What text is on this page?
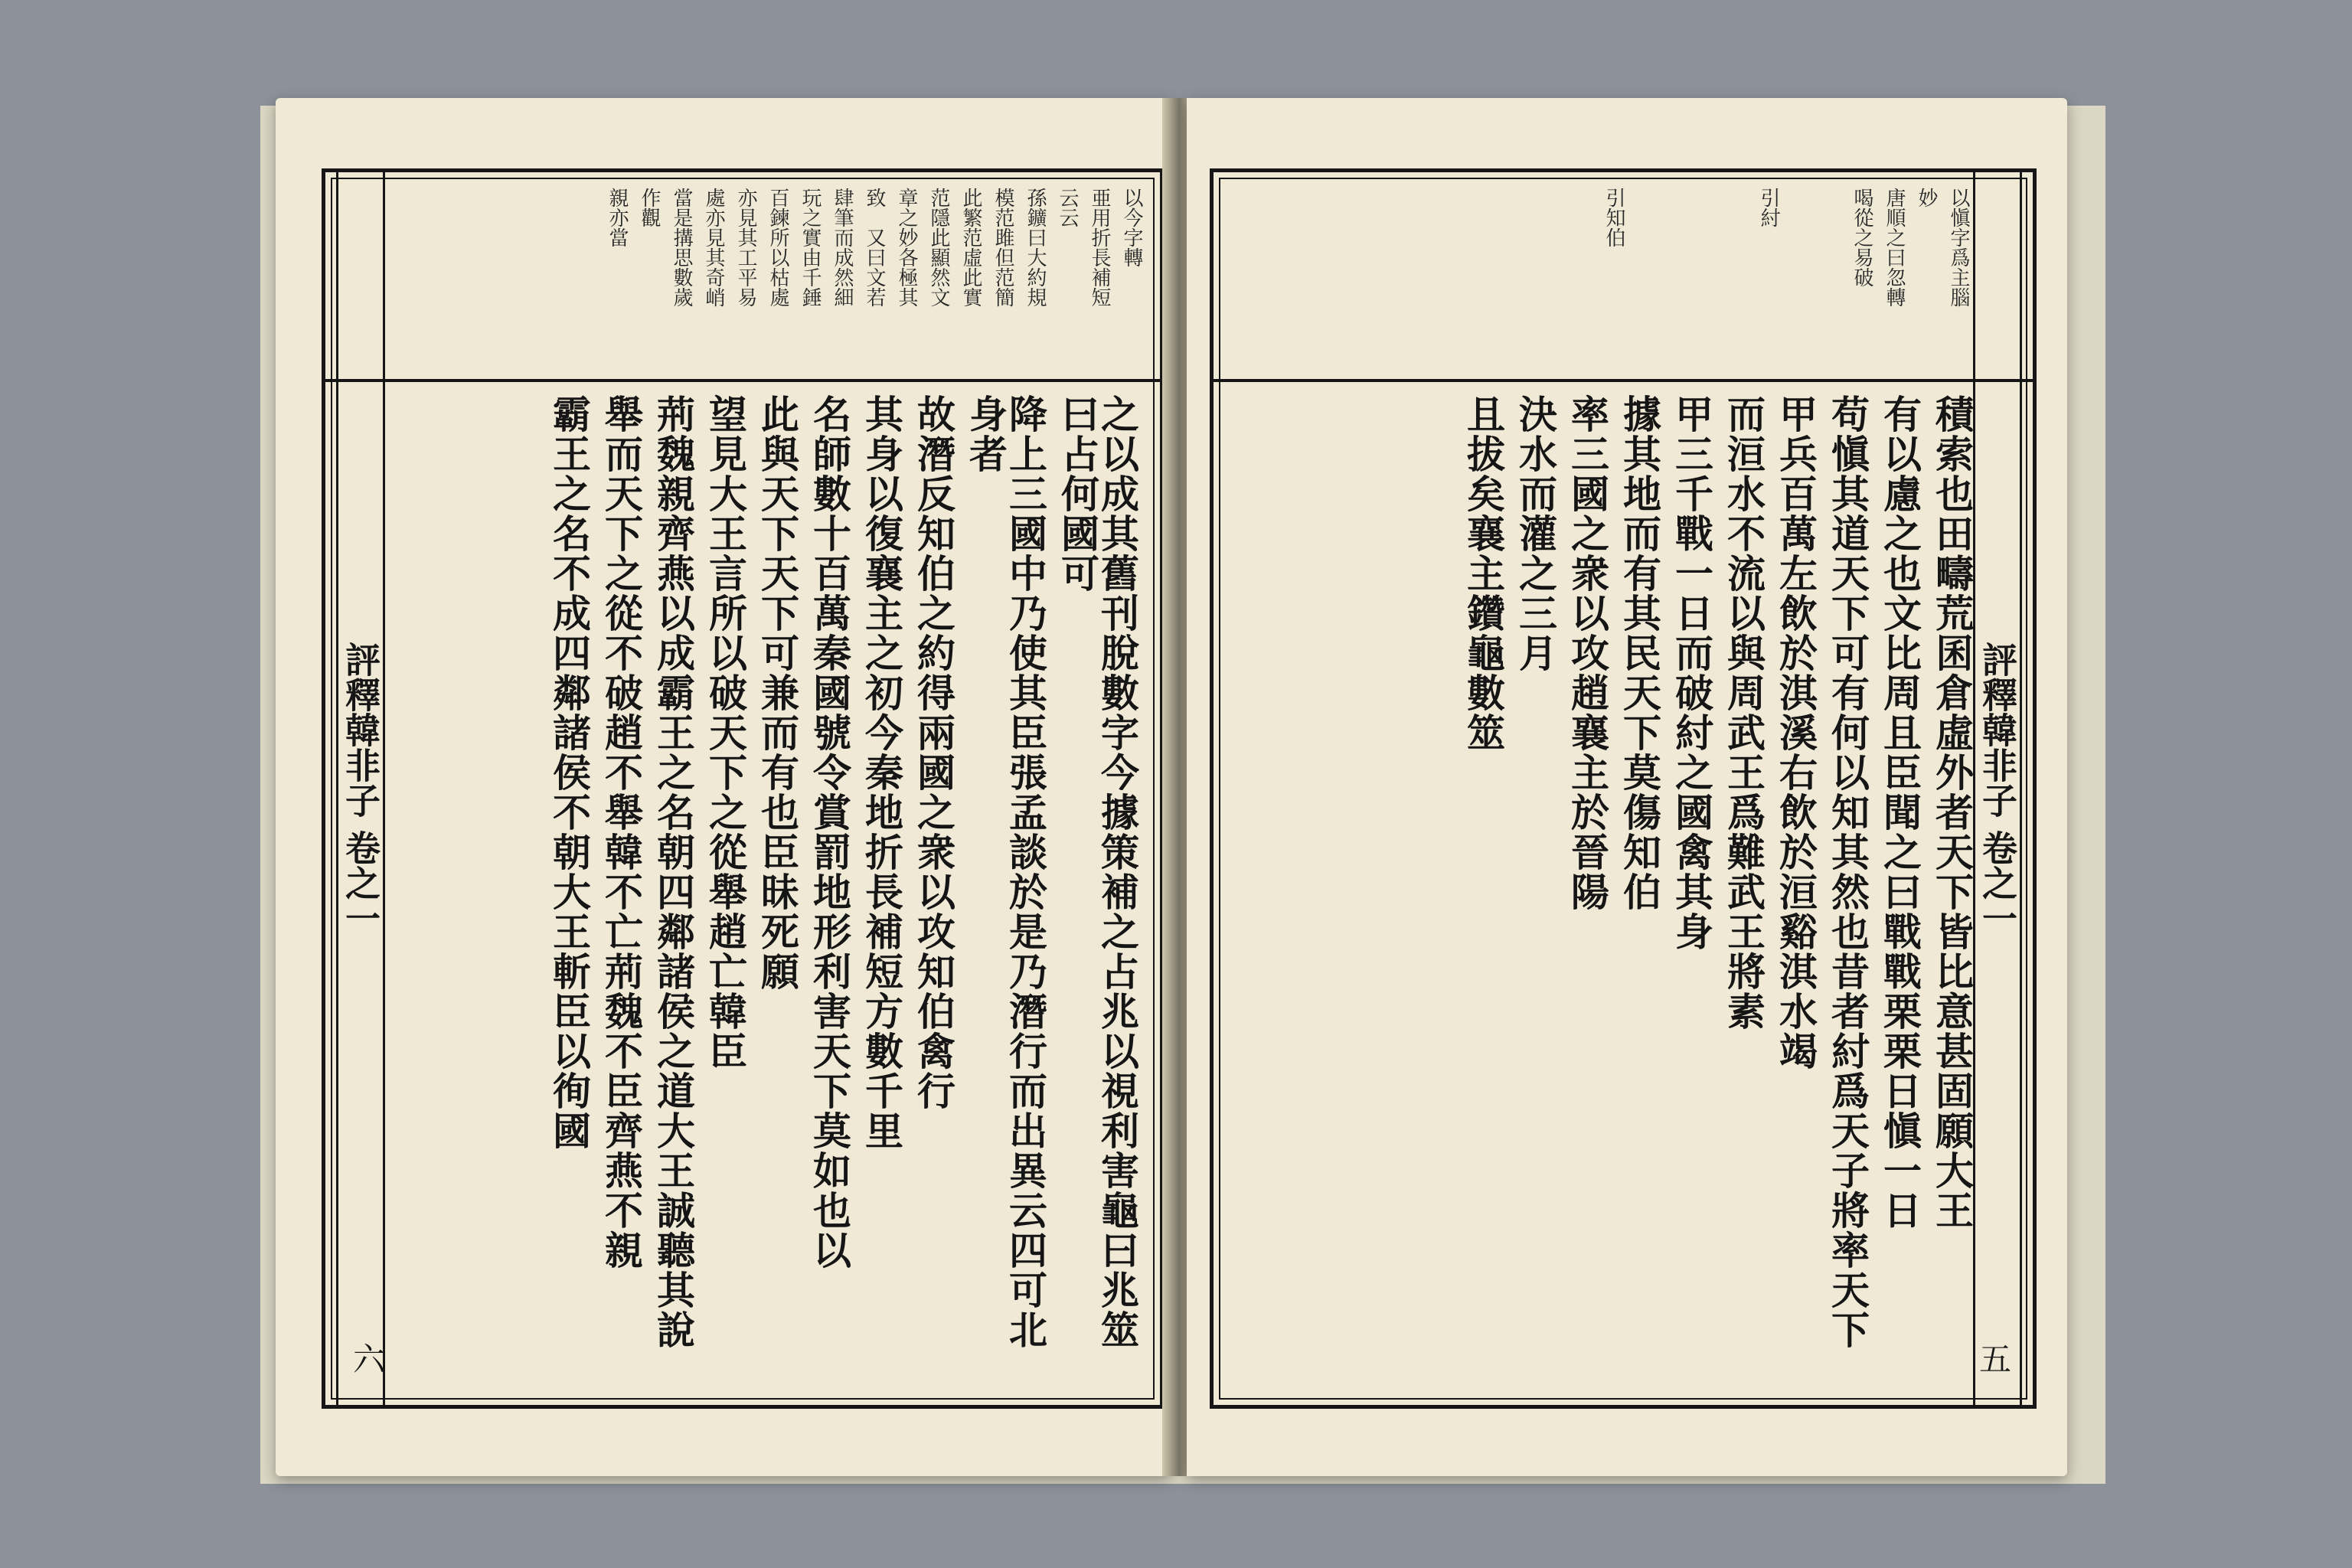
評釋韓非子 卷之一
六
以今字轉
亜用折長補短
云云
孫鑛曰大約規
模范雎但范簡
此繁范虛此實
范隱此顯然文
章之妙各極其
致　又曰文若
肆筆而成然細
玩之實由千錘
百鍊所以枯處
亦見其工平易
處亦見其奇峭
當是搆思數歲
作觀
親亦當
之以成其舊刊脫數字今據策補之占兆以視利害龜曰兆筮曰占何國可
降上三國中乃使其臣張孟談於是乃潛行而出異云四可北身者
故潛反知伯之約得兩國之衆以攻知伯禽行
其身以復襄主之初今秦地折長補短方數千里
名師數十百萬秦國號令賞罰地形利害天下莫如也以
此與天下天下可兼而有也臣昧死願
望見大王言所以破天下之從舉趙亡韓臣
荊魏親齊燕以成霸王之名朝四鄰諸侯之道大王誠聽其說
舉而天下之從不破趙不舉韓不亡荊魏不臣齊燕不親
霸王之名不成四鄰諸侯不朝大王斬臣以徇國	評釋韓非子 卷之一
五
以愼字爲主腦
妙
唐順之曰忽轉
喝從之易破
引紂
引知伯
積索也田疇荒囷倉虛外者天下皆比意甚固願大王
有以慮之也文比周且臣聞之曰戰戰栗栗日愼一日
苟愼其道天下可有何以知其然也昔者紂爲天子將率天下
甲兵百萬左飲於淇溪右飲於洹谿淇水竭
而洹水不流以與周武王爲難武王將素
甲三千戰一日而破紂之國禽其身
據其地而有其民天下莫傷知伯
率三國之衆以攻趙襄主於晉陽
決水而灌之三月
且拔矣襄主鑽龜數筮
